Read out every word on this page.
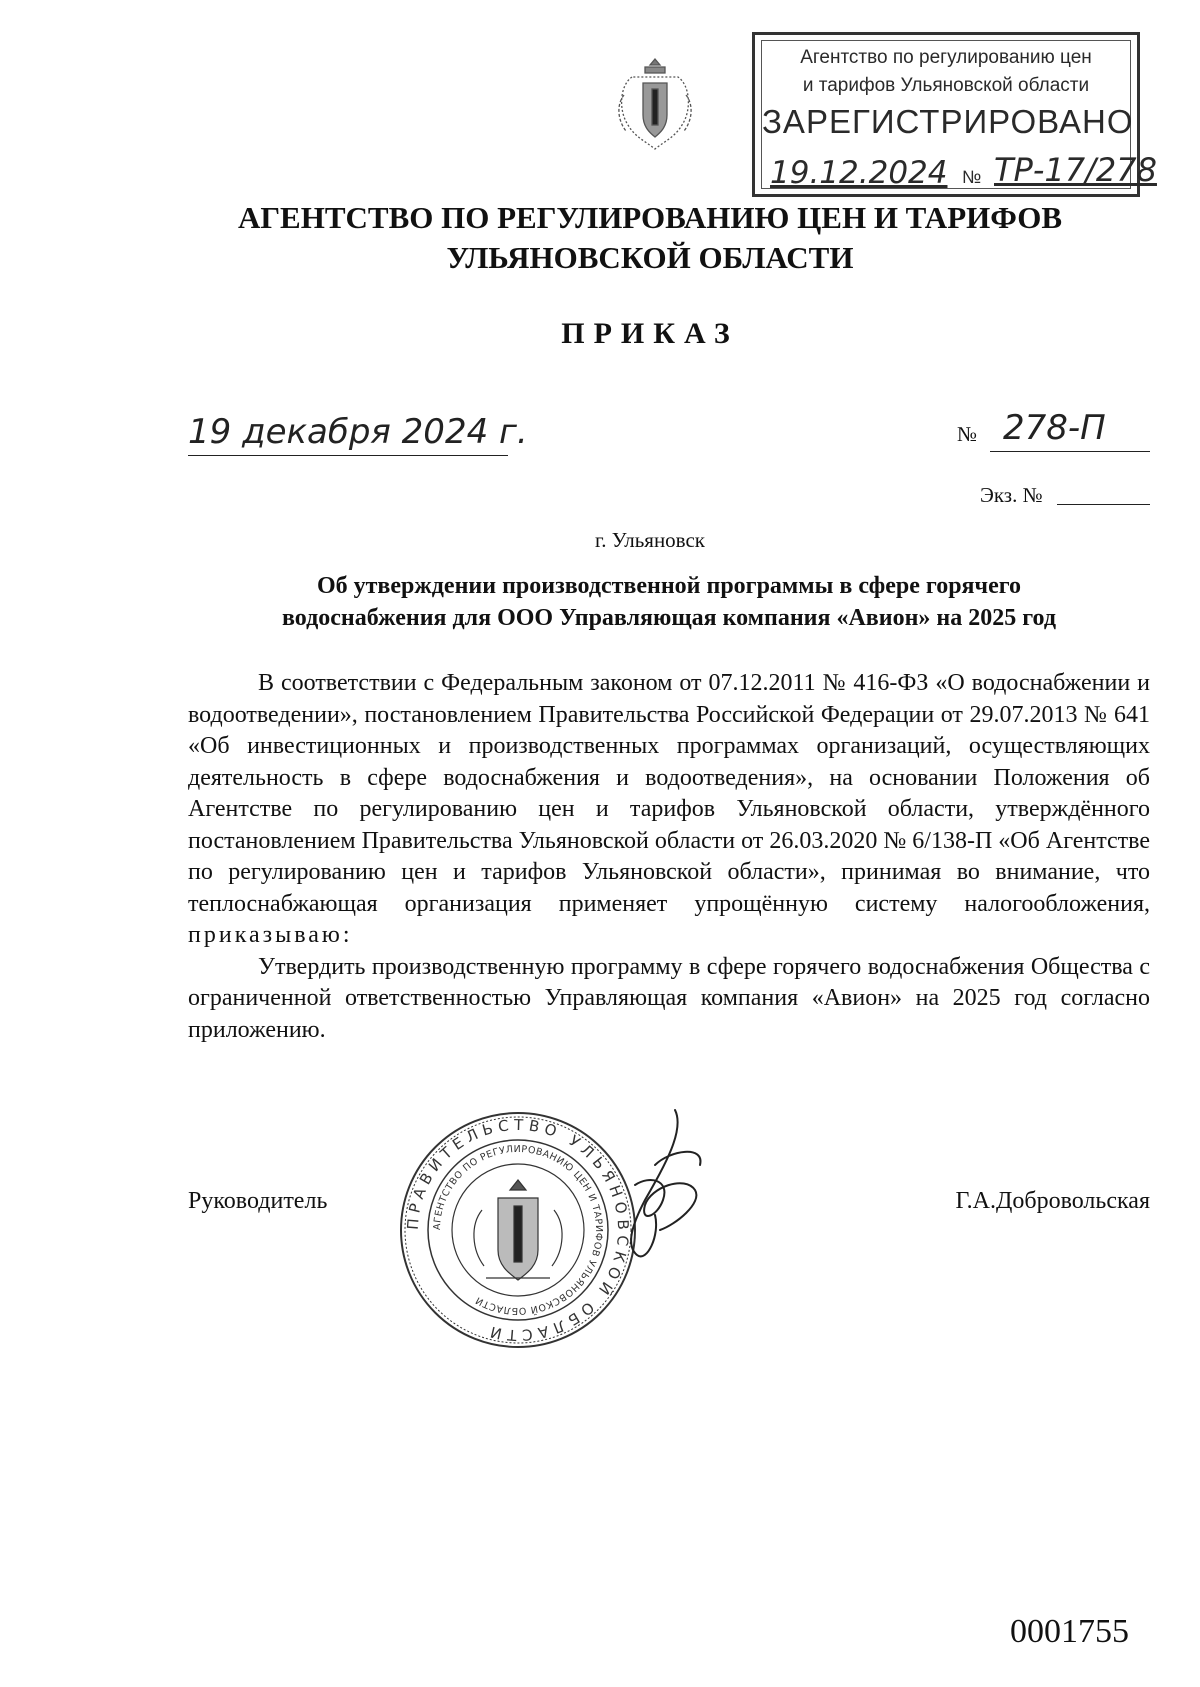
Агентство по регулированию цен
и тарифов Ульяновской области
ЗАРЕГИСТРИРОВАНО
19.12.2024 № ТР-17/278
АГЕНТСТВО ПО РЕГУЛИРОВАНИЮ ЦЕН И ТАРИФОВ
УЛЬЯНОВСКОЙ ОБЛАСТИ
ПРИКАЗ
19 декабря 2024 г.	№ 278-П
Экз. №
г. Ульяновск
Об утверждении производственной программы в сфере горячего
водоснабжения для ООО Управляющая компания «Авион» на 2025 год

В соответствии с Федеральным законом от 07.12.2011 № 416-ФЗ «О водоснабжении и водоотведении», постановлением Правительства Российской Федерации от 29.07.2013 № 641 «Об инвестиционных и производственных программах организаций, осуществляющих деятельность в сфере водоснабжения и водоотведения», на основании Положения об Агентстве по регулированию цен и тарифов Ульяновской области, утверждённого постановлением Правительства Ульяновской области от 26.03.2020 № 6/138-П «Об Агентстве по регулированию цен и тарифов Ульяновской области», принимая во внимание, что теплоснабжающая организация применяет упрощённую систему налогообложения, приказываю:

Утвердить производственную программу в сфере горячего водоснабжения Общества с ограниченной ответственностью Управляющая компания «Авион» на 2025 год согласно приложению.

Руководитель	Г.А.Добровольская
ПРАВИТЕЛЬСТВО УЛЬЯНОВСКОЙ ОБЛАСТИ
АГЕНТСТВО ПО РЕГУЛИРОВАНИЮ ЦЕН И ТАРИФОВ УЛЬЯНОВСКОЙ ОБЛАСТИ
0001755
